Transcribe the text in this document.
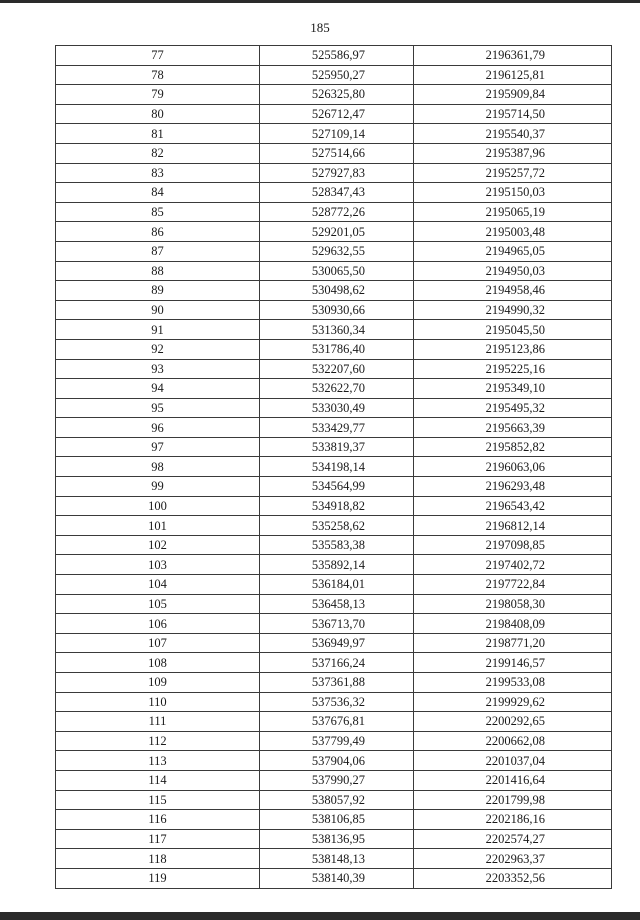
185
77	525586,97	2196361,79
78	525950,27	2196125,81
79	526325,80	2195909,84
80	526712,47	2195714,50
81	527109,14	2195540,37
82	527514,66	2195387,96
83	527927,83	2195257,72
84	528347,43	2195150,03
85	528772,26	2195065,19
86	529201,05	2195003,48
87	529632,55	2194965,05
88	530065,50	2194950,03
89	530498,62	2194958,46
90	530930,66	2194990,32
91	531360,34	2195045,50
92	531786,40	2195123,86
93	532207,60	2195225,16
94	532622,70	2195349,10
95	533030,49	2195495,32
96	533429,77	2195663,39
97	533819,37	2195852,82
98	534198,14	2196063,06
99	534564,99	2196293,48
100	534918,82	2196543,42
101	535258,62	2196812,14
102	535583,38	2197098,85
103	535892,14	2197402,72
104	536184,01	2197722,84
105	536458,13	2198058,30
106	536713,70	2198408,09
107	536949,97	2198771,20
108	537166,24	2199146,57
109	537361,88	2199533,08
110	537536,32	2199929,62
111	537676,81	2200292,65
112	537799,49	2200662,08
113	537904,06	2201037,04
114	537990,27	2201416,64
115	538057,92	2201799,98
116	538106,85	2202186,16
117	538136,95	2202574,27
118	538148,13	2202963,37
119	538140,39	2203352,56
